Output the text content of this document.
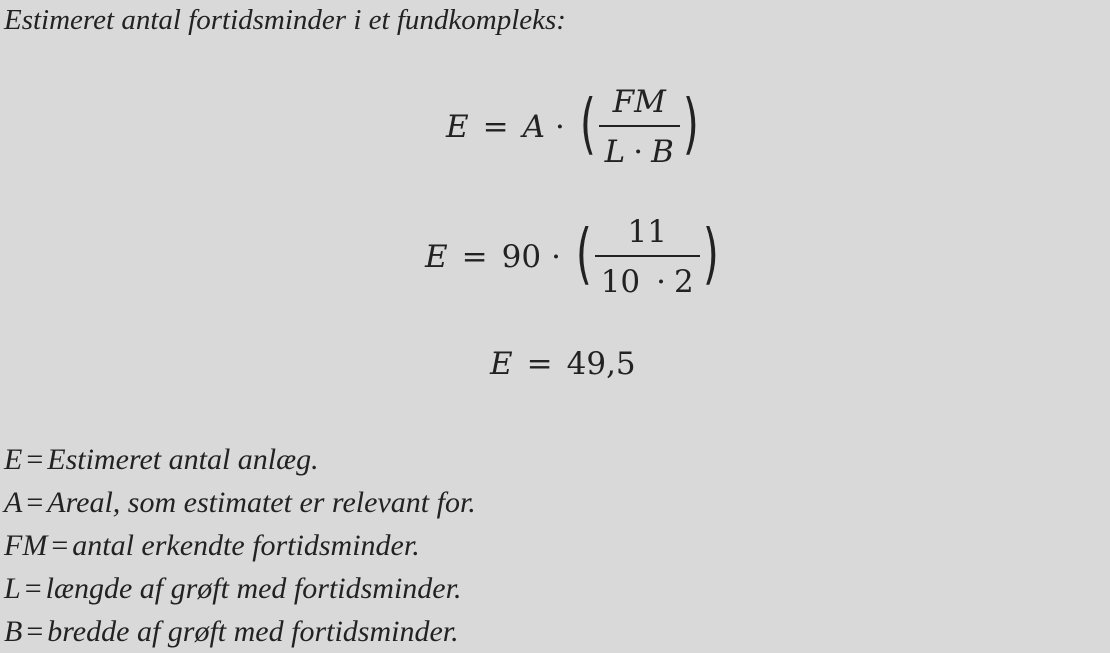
Estimeret antal fortidsminder i et fundkompleks:
E = A · ( $\frac{FM}{L \cdot B}$ )
E = 90 · ( $\frac{11}{10 \cdot 2}$ )
E = 49,5
E = Estimeret antal anlæg.
A = Areal, som estimatet er relevant for.
FM = antal erkendte fortidsminder.
L = længde af grøft med fortidsminder.
B = bredde af grøft med fortidsminder.
